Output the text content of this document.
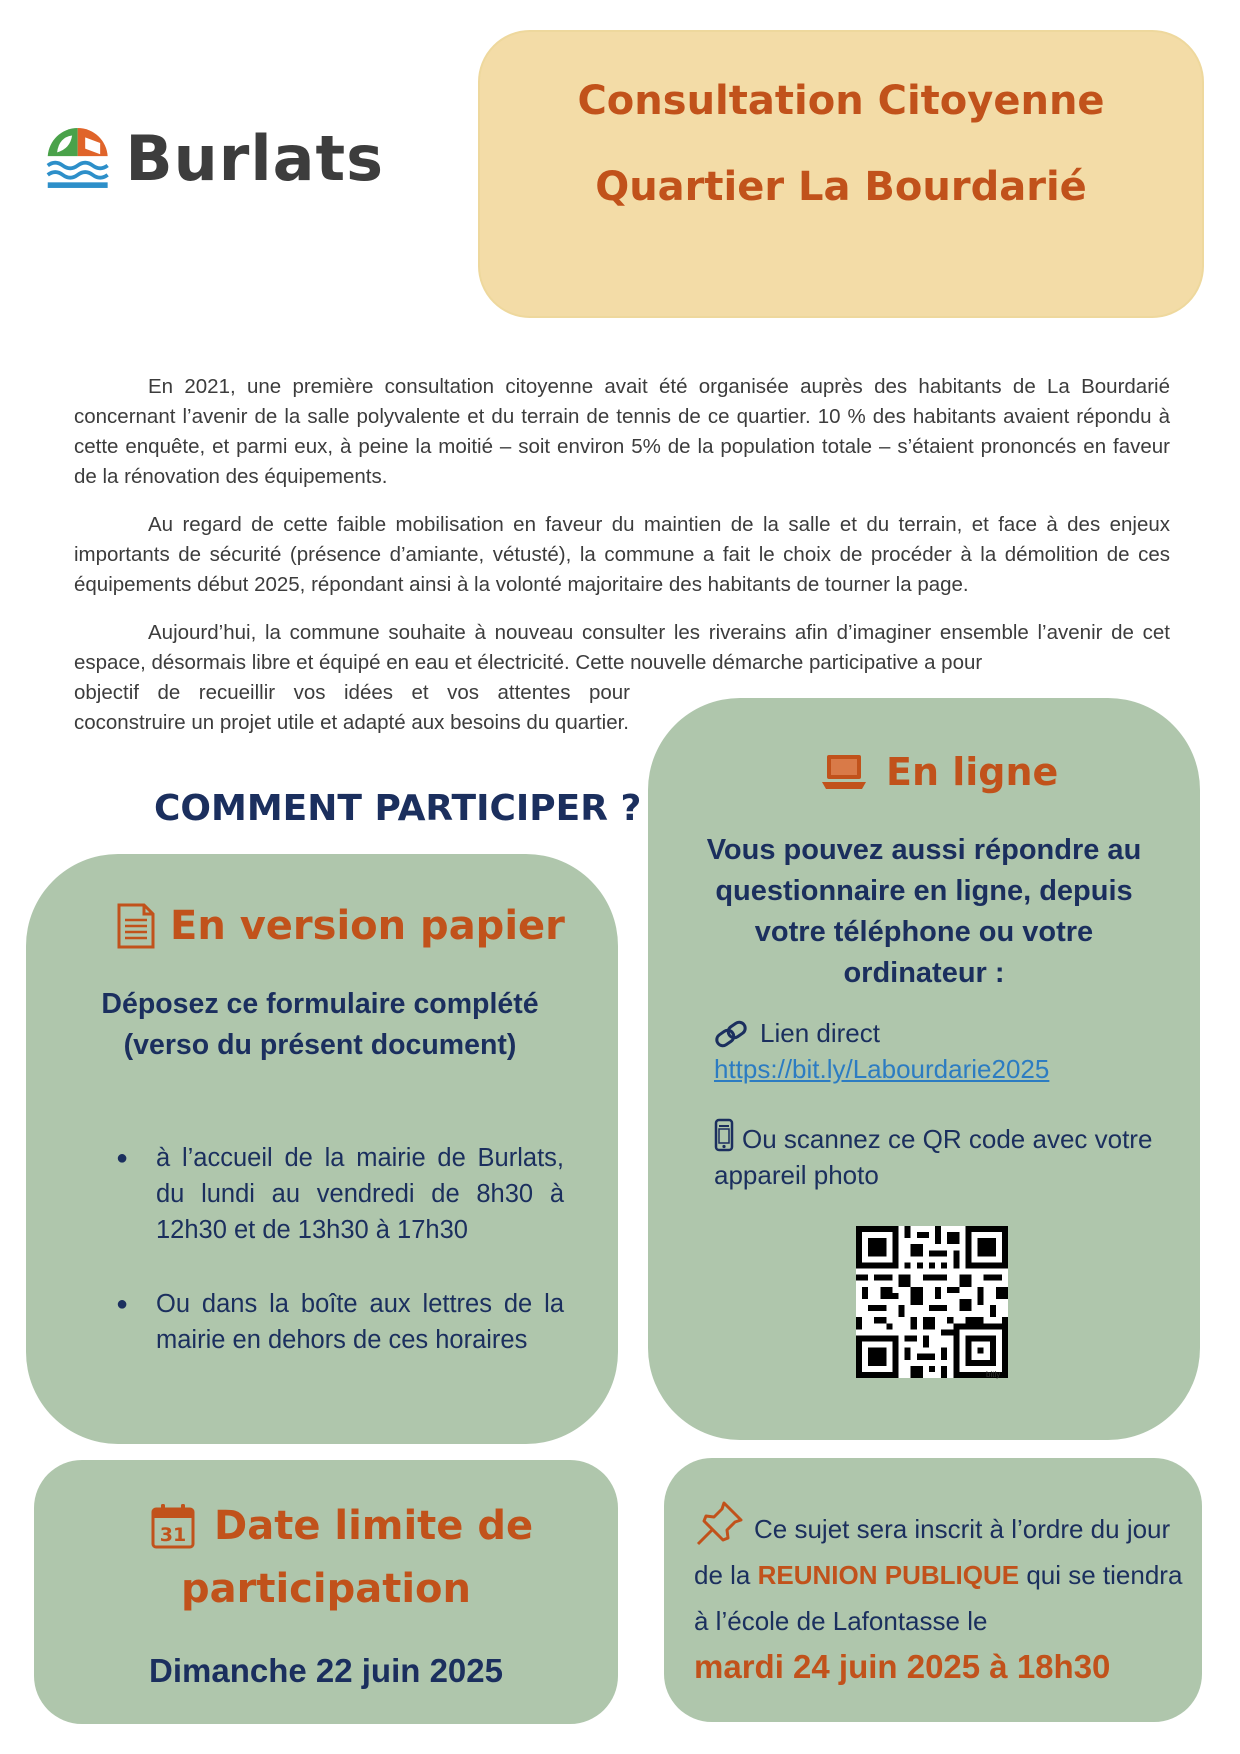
Burlats
Consultation Citoyenne
Quartier La Bourdarié
En 2021, une première consultation citoyenne avait été organisée auprès des habitants de La Bourdarié concernant l’avenir de la salle polyvalente et du terrain de tennis de ce quartier. 10 % des habitants avaient répondu à cette enquête, et parmi eux, à peine la moitié – soit environ 5% de la population totale – s’étaient prononcés en faveur de la rénovation des équipements.
Au regard de cette faible mobilisation en faveur du maintien de la salle et du terrain, et face à des enjeux importants de sécurité (présence d’amiante, vétusté), la commune a fait le choix de procéder à la démolition de ces équipements début 2025, répondant ainsi à la volonté majoritaire des habitants de tourner la page.
Aujourd’hui, la commune souhaite à nouveau consulter les riverains afin d’imaginer ensemble l’avenir de cet espace, désormais libre et équipé en eau et électricité. Cette nouvelle démarche participative a pour
objectif de recueillir vos idées et vos attentes pour coconstruire un projet utile et adapté aux besoins du quartier.
COMMENT PARTICIPER ?
En version papier
Déposez ce formulaire complété (verso du présent document)
●	à l’accueil de la mairie de Burlats, du lundi au vendredi de 8h30 à 12h30 et de 13h30 à 17h30
●	Ou dans la boîte aux lettres de la mairie en dehors de ces horaires
En ligne
Vous pouvez aussi répondre au questionnaire en ligne, depuis votre téléphone ou votre ordinateur :
Lien direct
https://bit.ly/Labourdarie2025
Ou scannez ce QR code avec votre appareil photo
bitly
31 Date limite de
participation
Dimanche 22 juin 2025
Ce sujet sera inscrit à l’ordre du jour de la REUNION PUBLIQUE qui se tiendra à l’école de Lafontasse le
mardi 24 juin 2025 à 18h30
